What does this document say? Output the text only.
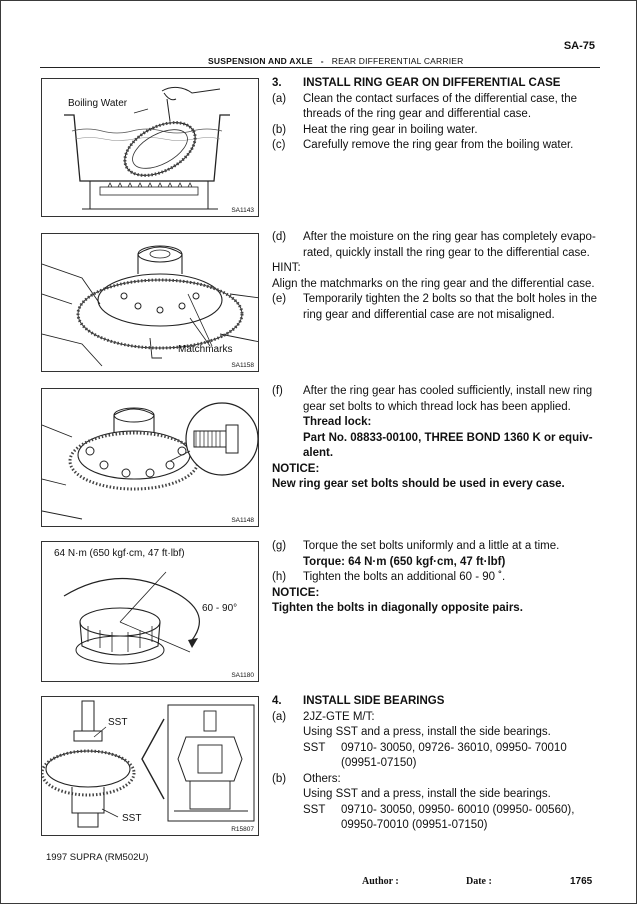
SA-75
SUSPENSION AND AXLE - REAR DIFFERENTIAL CARRIER
Boiling Water
SA1143
Matchmarks
SA1158
SA1148
64 N·m (650 kgf·cm, 47 ft·lbf)
60 - 90°
SA1180
SST
SST
R15807
3.	INSTALL RING GEAR ON DIFFERENTIAL CASE
(a)	Clean the contact surfaces of the differential case, the threads of the ring gear and differential case.
(b)	Heat the ring gear in boiling water.
(c)	Carefully remove the ring gear from the boiling water.
(d)	After the moisture on the ring gear has completely evapo-rated, quickly install the ring gear to the differential case.
HINT:
Align the matchmarks on the ring gear and the differential case.
(e)	Temporarily tighten the 2 bolts so that the bolt holes in the ring gear and differential case are not misaligned.
(f)	After the ring gear has cooled sufficiently, install new ring gear set bolts to which thread lock has been applied.
Thread lock:
Part No. 08833-00100, THREE BOND 1360 K or equiv-alent.
NOTICE:
New ring gear set bolts should be used in every case.
(g)	Torque the set bolts uniformly and a little at a time.
Torque: 64 N·m (650 kgf·cm, 47 ft·lbf)
(h)	Tighten the bolts an additional 60 - 90 ˚.
NOTICE:
Tighten the bolts in diagonally opposite pairs.
4.	INSTALL SIDE BEARINGS
(a)	2JZ-GTE M/T:
Using SST and a press, install the side bearings.
SST	09710- 30050, 09726- 36010, 09950- 70010
(09951-07150)
(b)	Others:
Using SST and a press, install the side bearings.
SST	09710- 30050, 09950- 60010 (09950- 00560),
09950-70010 (09951-07150)
1997 SUPRA (RM502U)
Author :	Date :	1765
